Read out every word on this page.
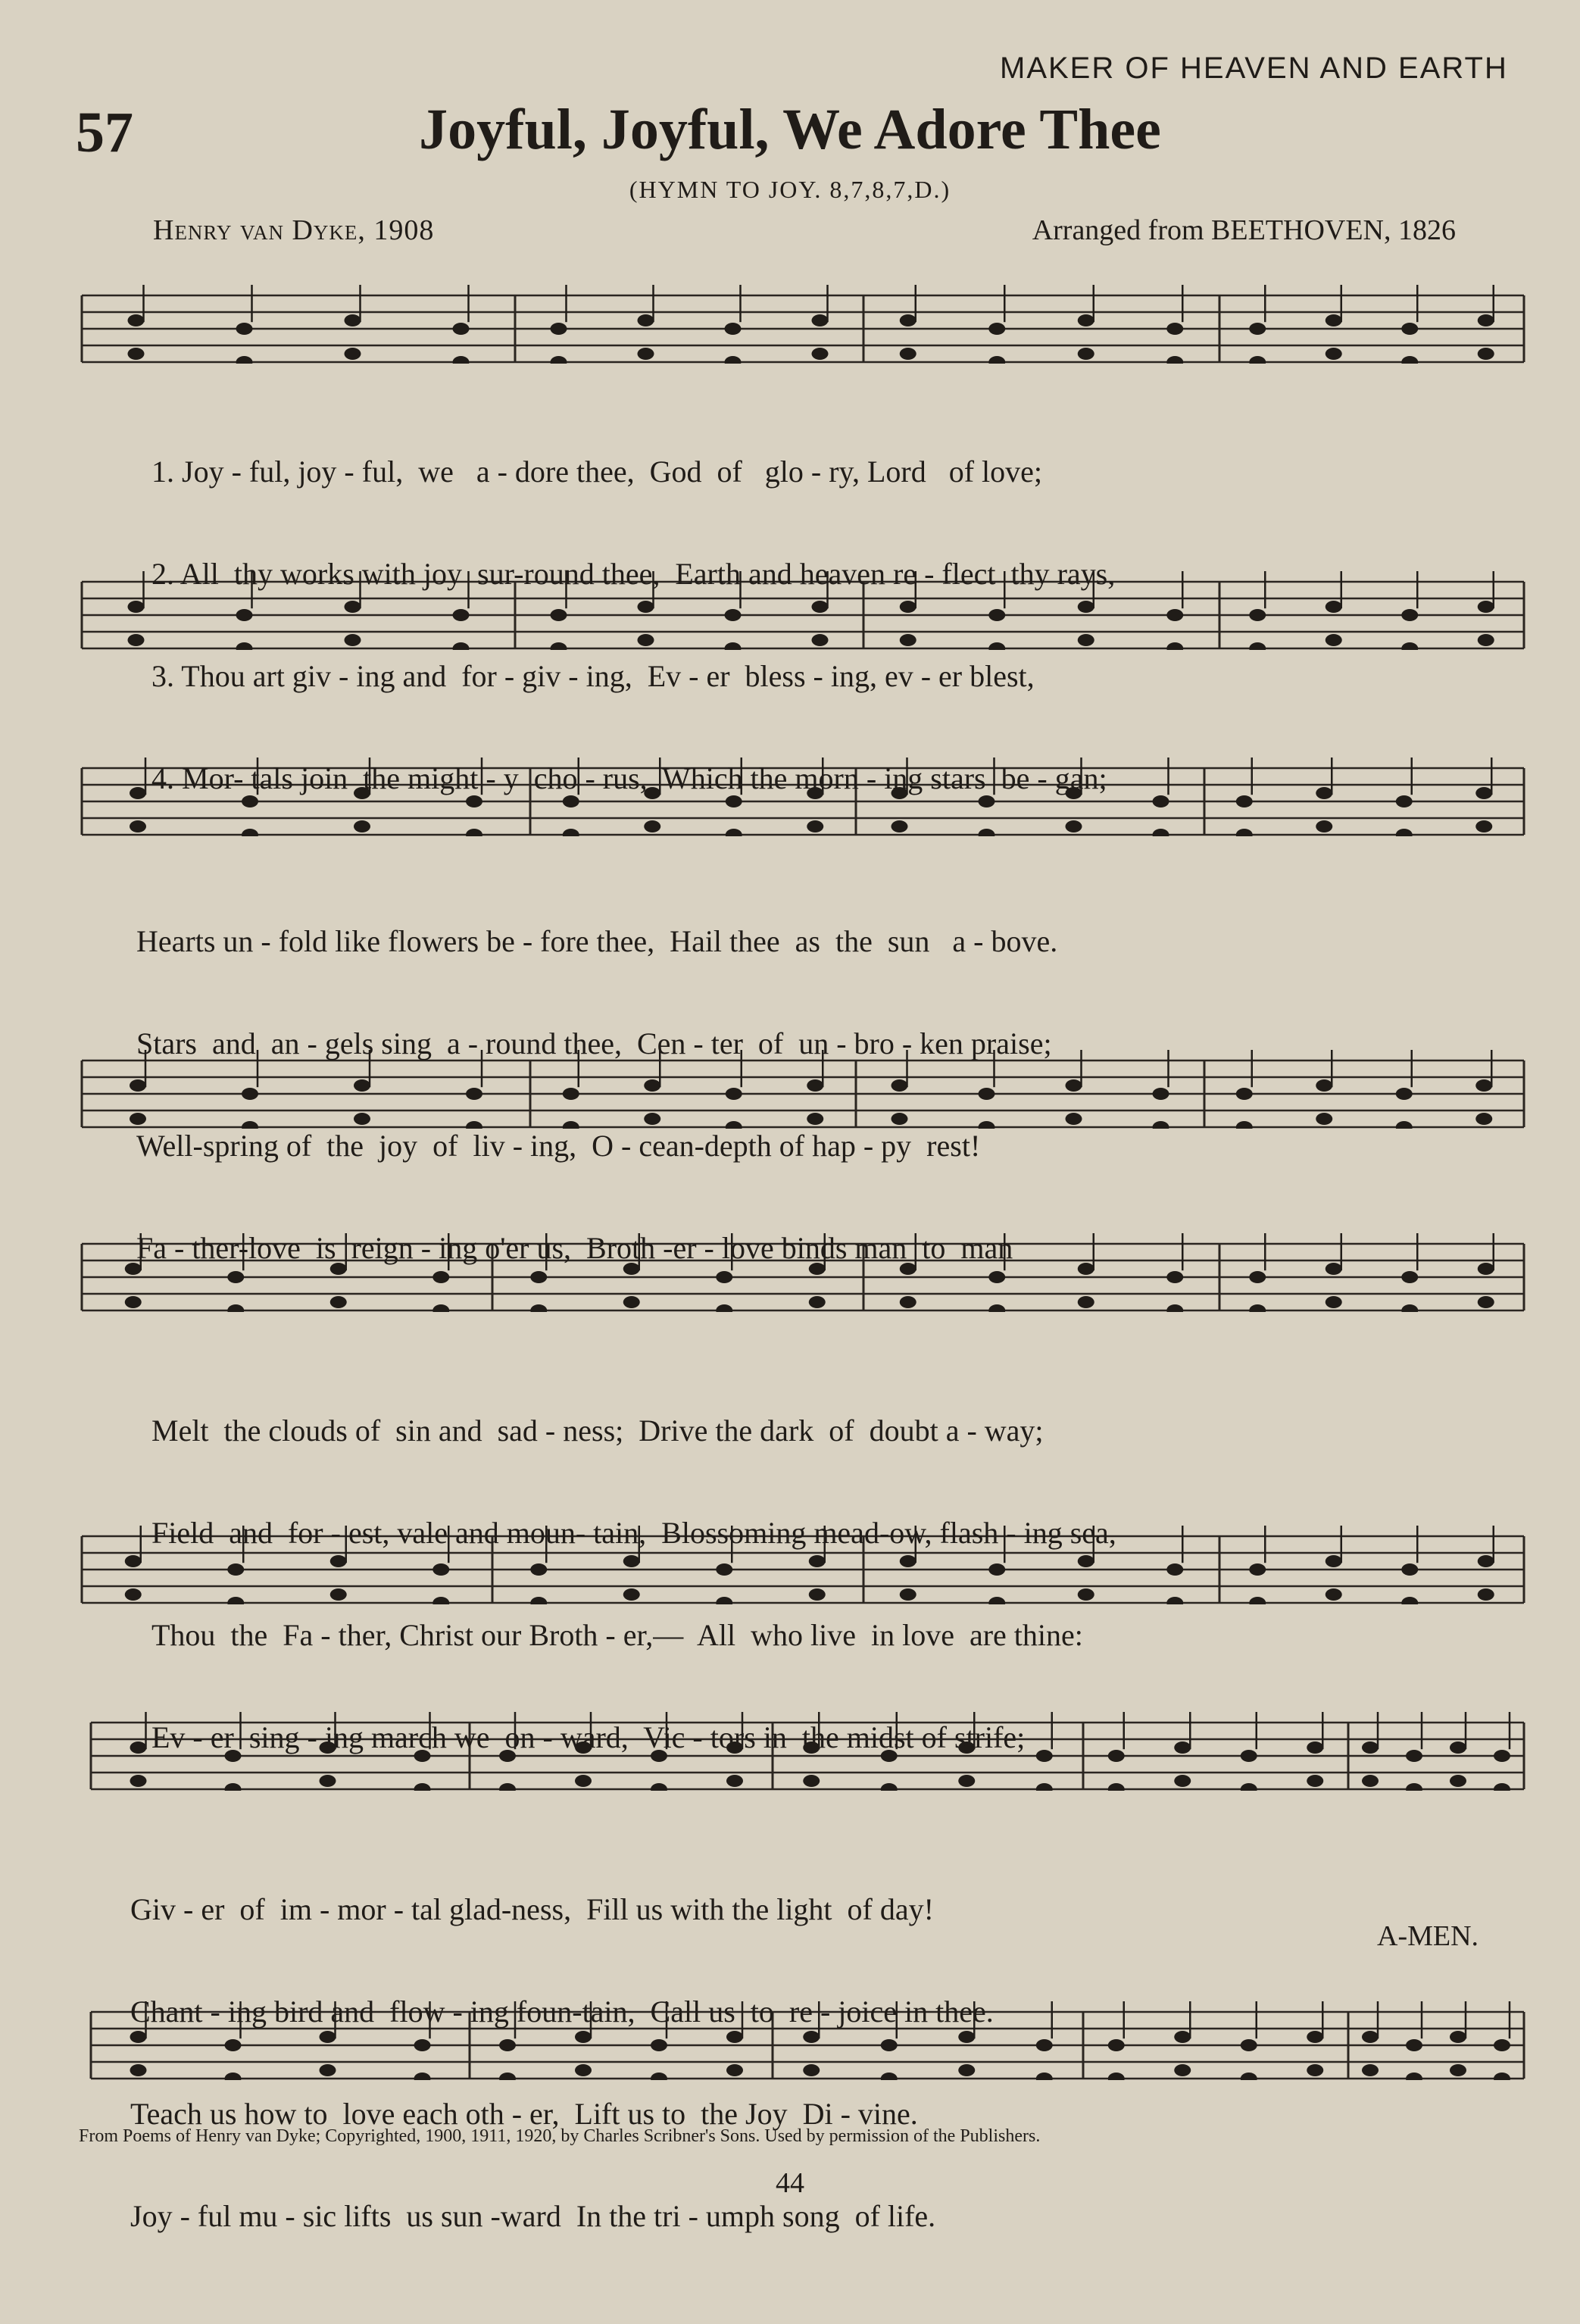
MAKER OF HEAVEN AND EARTH
57	Joyful, Joyful, We Adore Thee
(HYMN TO JOY. 8,7,8,7,D.)
Henry van Dyke, 1908	Arranged from BEETHOVEN, 1826

1. Joy - ful, joy - ful,  we   a - dore thee,  God  of   glo - ry, Lord   of love;

2. All  thy works with joy  sur-round thee,  Earth and heaven re - flect  thy rays,

3. Thou art giv - ing and  for - giv - ing,  Ev - er  bless - ing, ev - er blest,

4. Mor- tals join  the might - y  cho - rus,  Which the morn - ing stars  be - gan;

Hearts un - fold like flowers be - fore thee,  Hail thee  as  the  sun   a - bove.

Stars  and  an - gels sing  a - round thee,  Cen - ter  of  un - bro - ken praise;

Well-spring of  the  joy  of  liv - ing,  O - cean-depth of hap - py  rest!

Fa - ther-love  is  reign - ing o'er us,  Broth -er - love binds man  to  man

Melt  the clouds of  sin and  sad - ness;  Drive the dark  of  doubt a - way;

Field  and  for - est, vale and moun- tain,  Blossoming mead-ow, flash - ing sea,

Thou  the  Fa - ther, Christ our Broth - er,—  All  who live  in love  are thine:

Ev - er  sing - ing march we  on - ward,  Vic - tors in  the midst of strife;

Giv - er  of  im - mor - tal glad-ness,  Fill us with the light  of day!

Chant - ing bird and  flow - ing foun-tain,  Call us  to  re - joice in thee.

Teach us how to  love each oth - er,  Lift us to  the Joy  Di - vine.

Joy - ful mu - sic lifts  us sun -ward  In the tri - umph song  of life.

A-MEN.
From Poems of Henry van Dyke; Copyrighted, 1900, 1911, 1920, by Charles Scribner's Sons. Used by permission of the Publishers.
44
